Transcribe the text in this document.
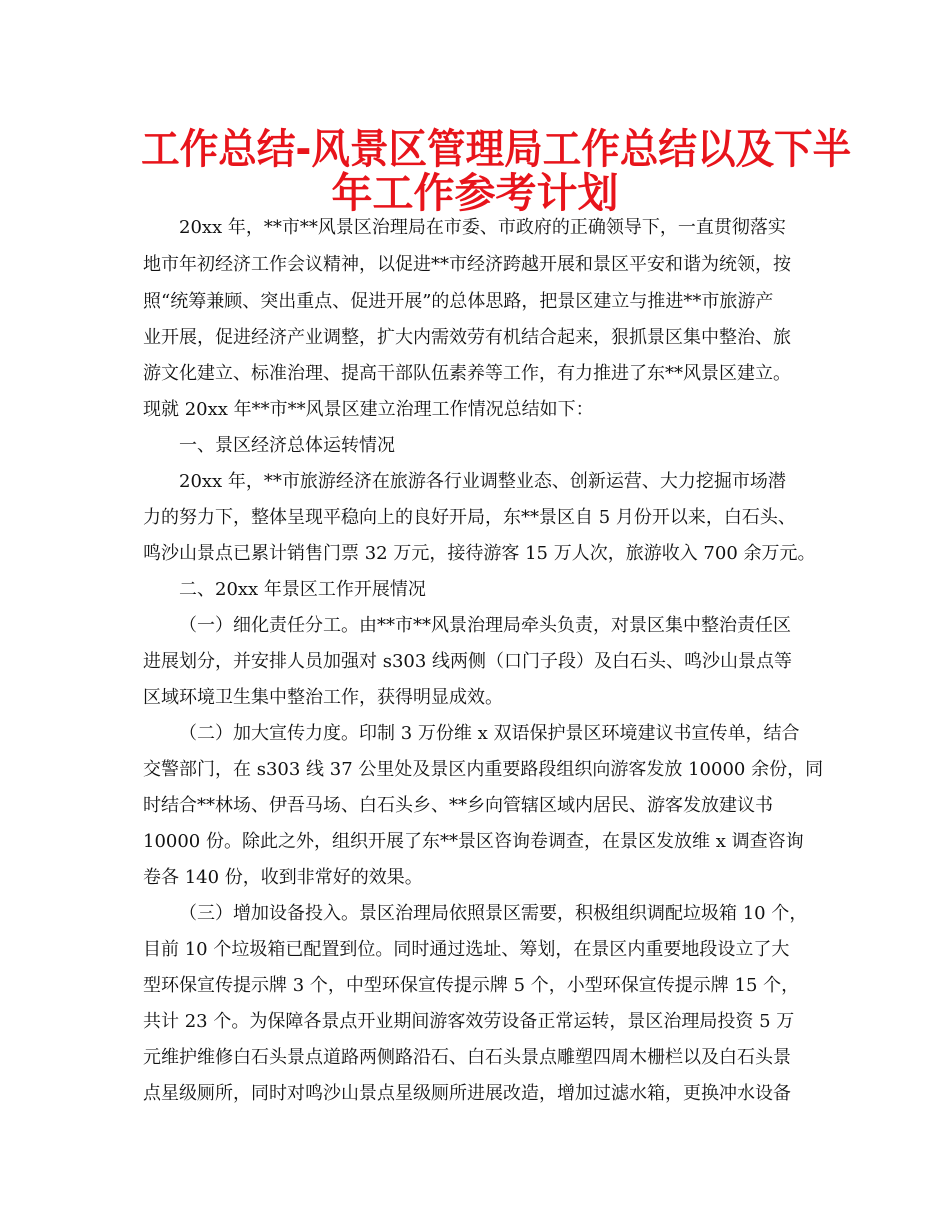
工作总结-风景区管理局工作总结以及下半
年工作参考计划
20xx 年，**市**风景区治理局在市委、市政府的正确领导下，一直贯彻落实
地市年初经济工作会议精神，以促进**市经济跨越开展和景区平安和谐为统领，按
照“统筹兼顾、突出重点、促进开展”的总体思路，把景区建立与推进**市旅游产
业开展，促进经济产业调整，扩大内需效劳有机结合起来，狠抓景区集中整治、旅
游文化建立、标准治理、提高干部队伍素养等工作，有力推进了东**风景区建立。
现就 20xx 年**市**风景区建立治理工作情况总结如下：
一、景区经济总体运转情况
20xx 年，**市旅游经济在旅游各行业调整业态、创新运营、大力挖掘市场潜
力的努力下，整体呈现平稳向上的良好开局，东**景区自 5 月份开以来，白石头、
鸣沙山景点已累计销售门票 32 万元，接待游客 15 万人次，旅游收入 700 余万元。
二、20xx 年景区工作开展情况
（一）细化责任分工。由**市**风景治理局牵头负责，对景区集中整治责任区
进展划分，并安排人员加强对 s303 线两侧（口门子段）及白石头、鸣沙山景点等
区域环境卫生集中整治工作，获得明显成效。
（二）加大宣传力度。印制 3 万份维 x 双语保护景区环境建议书宣传单，结合
交警部门，在 s303 线 37 公里处及景区内重要路段组织向游客发放 10000 余份，同
时结合**林场、伊吾马场、白石头乡、**乡向管辖区域内居民、游客发放建议书
10000 份。除此之外，组织开展了东**景区咨询卷调查，在景区发放维 x 调查咨询
卷各 140 份，收到非常好的效果。
（三）增加设备投入。景区治理局依照景区需要，积极组织调配垃圾箱 10 个，
目前 10 个垃圾箱已配置到位。同时通过选址、筹划，在景区内重要地段设立了大
型环保宣传提示牌 3 个，中型环保宣传提示牌 5 个，小型环保宣传提示牌 15 个，
共计 23 个。为保障各景点开业期间游客效劳设备正常运转，景区治理局投资 5 万
元维护维修白石头景点道路两侧路沿石、白石头景点雕塑四周木栅栏以及白石头景
点星级厕所，同时对鸣沙山景点星级厕所进展改造，增加过滤水箱，更换冲水设备
